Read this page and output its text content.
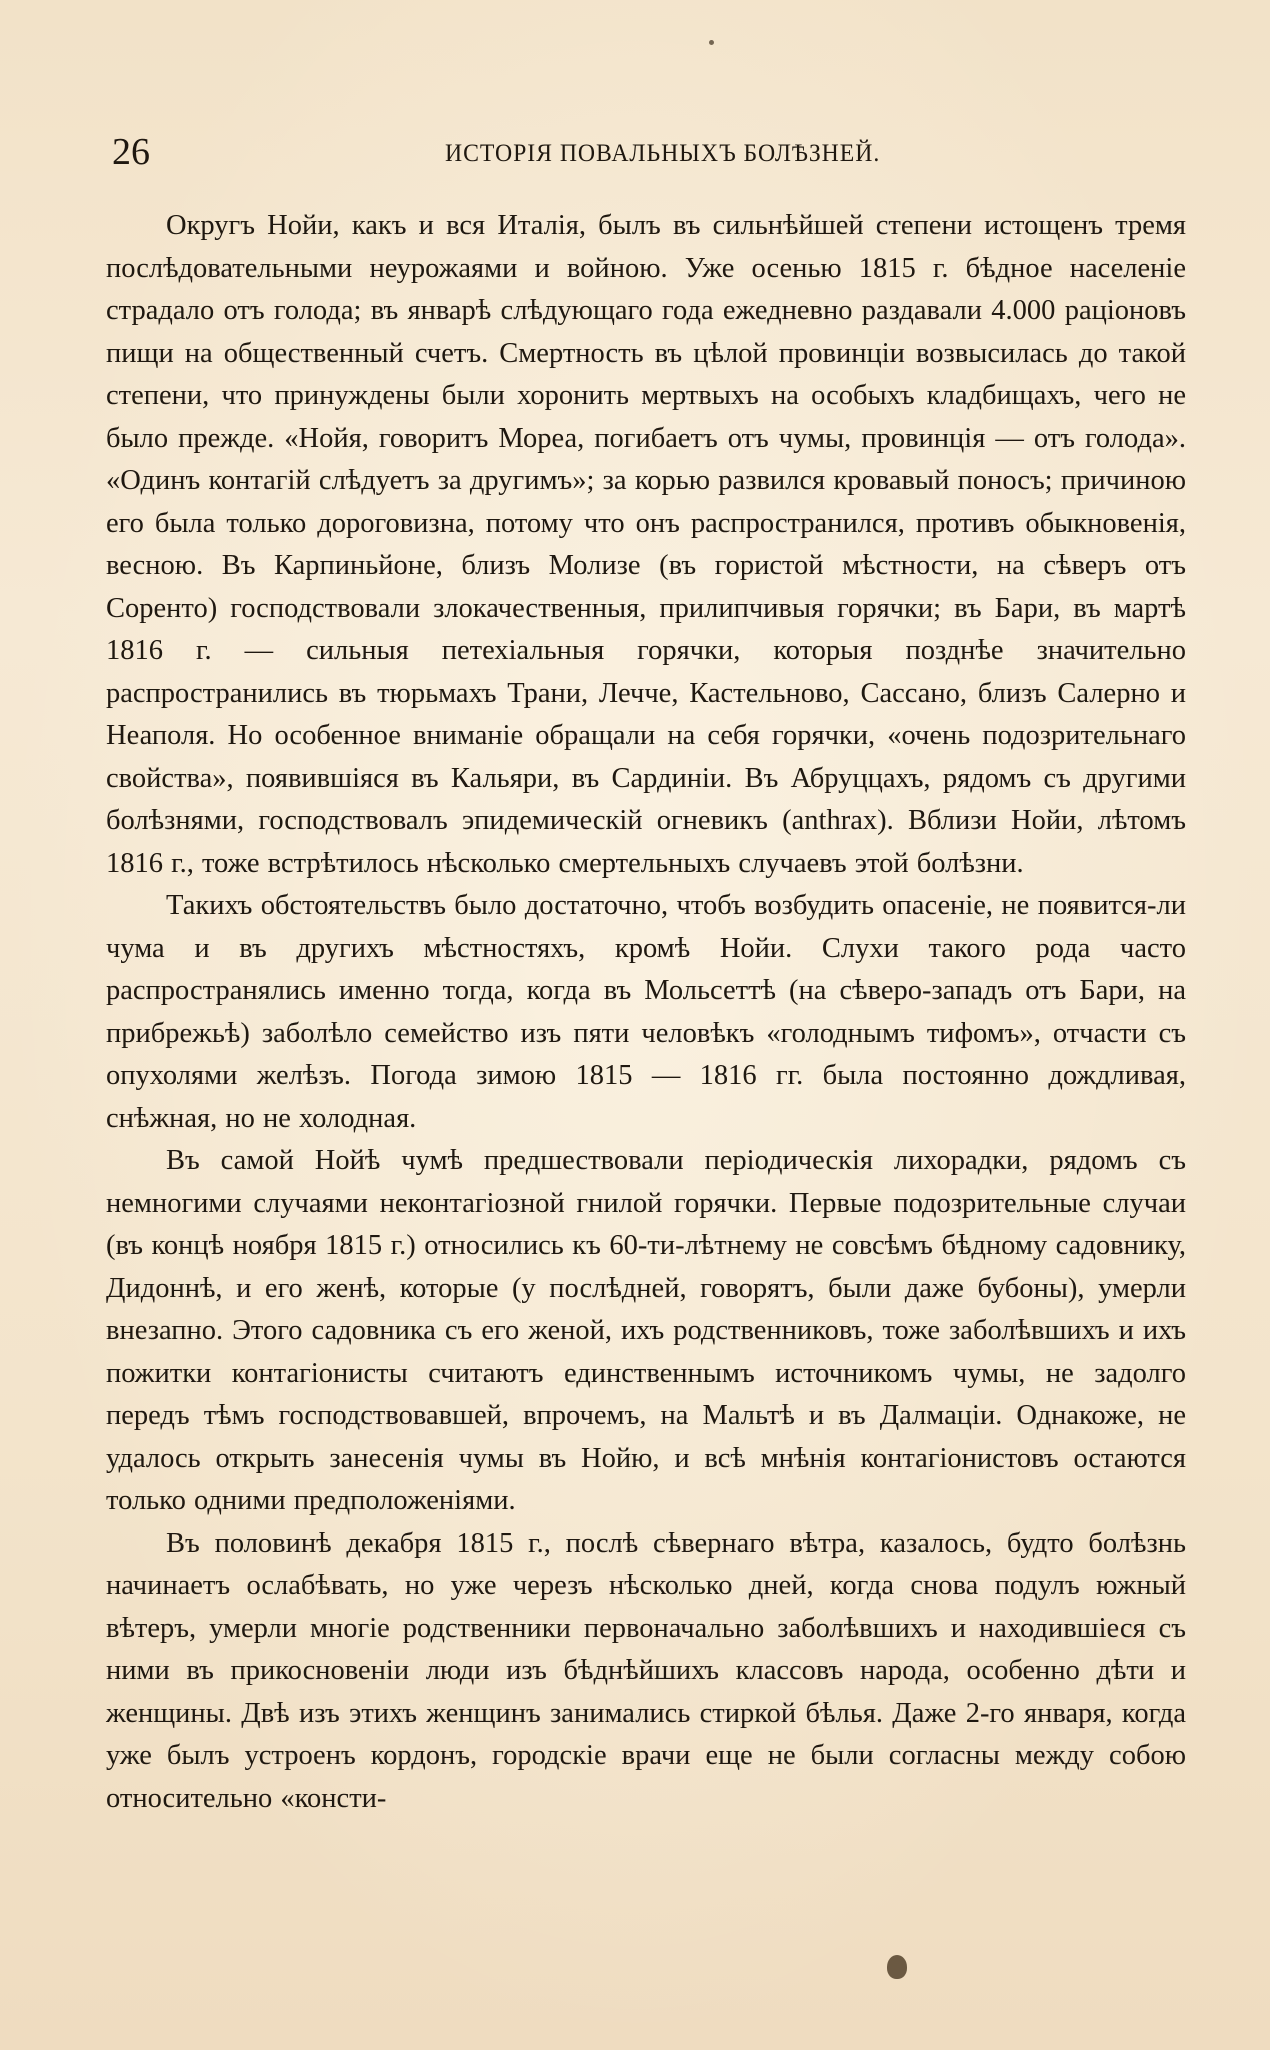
26	ИСТОРІЯ ПОВАЛЬНЫХЪ БОЛѢЗНЕЙ.

Округъ Нойи, какъ и вся Италія, былъ въ сильнѣйшей степени истощенъ тремя послѣдовательными неурожаями и войною. Уже осенью 1815 г. бѣдное населеніе страдало отъ голода; въ январѣ слѣдующаго года ежедневно раздавали 4.000 раціоновъ пищи на общественный счетъ. Смертность въ цѣлой провинціи возвысилась до такой степени, что принуждены были хоронить мертвыхъ на особыхъ кладбищахъ, чего не было прежде. «Нойя, говоритъ Мореа, погибаетъ отъ чумы, провинція — отъ голода». «Одинъ контагій слѣдуетъ за другимъ»; за корью развился кровавый поносъ; причиною его была только дороговизна, потому что онъ распространился, противъ обыкновенія, весною. Въ Карпиньйоне, близъ Молизе (въ гористой мѣстности, на сѣверъ отъ Соренто) господствовали злокачественныя, прилипчивыя горячки; въ Бари, въ мартѣ 1816 г. — сильныя петехіальныя горячки, которыя позднѣе значительно распространились въ тюрьмахъ Трани, Лечче, Кастельново, Сассано, близъ Салерно и Неаполя. Но особенное вниманіе обращали на себя горячки, «очень подозрительнаго свойства», появившіяся въ Кальяри, въ Сардиніи. Въ Абруццахъ, рядомъ съ другими болѣзнями, господствовалъ эпидемическій огневикъ (anthrax). Вблизи Нойи, лѣтомъ 1816 г., тоже встрѣтилось нѣсколько смертельныхъ случаевъ этой болѣзни.

Такихъ обстоятельствъ было достаточно, чтобъ возбудить опасеніе, не появится-ли чума и въ другихъ мѣстностяхъ, кромѣ Нойи. Слухи такого рода часто распространялись именно тогда, когда въ Мольсеттѣ (на сѣверо-западъ отъ Бари, на прибрежьѣ) заболѣло семейство изъ пяти человѣкъ «голоднымъ тифомъ», отчасти съ опухолями желѣзъ. Погода зимою 1815 — 1816 гг. была постоянно дождливая, снѣжная, но не холодная.

Въ самой Нойѣ чумѣ предшествовали періодическія лихорадки, рядомъ съ немногими случаями неконтагіозной гнилой горячки. Первые подозрительные случаи (въ концѣ ноября 1815 г.) относились къ 60-ти-лѣтнему не совсѣмъ бѣдному садовнику, Дидоннѣ, и его женѣ, которые (у послѣдней, говорятъ, были даже бубоны), умерли внезапно. Этого садовника съ его женой, ихъ родственниковъ, тоже заболѣвшихъ и ихъ пожитки контагіонисты считаютъ единственнымъ источникомъ чумы, не задолго передъ тѣмъ господствовавшей, впрочемъ, на Мальтѣ и въ Далмаціи. Однакоже, не удалось открыть занесенія чумы въ Нойю, и всѣ мнѣнія контагіонистовъ остаются только одними предположеніями.

Въ половинѣ декабря 1815 г., послѣ сѣвернаго вѣтра, казалось, будто болѣзнь начинаетъ ослабѣвать, но уже черезъ нѣсколько дней, когда снова подулъ южный вѣтеръ, умерли многіе родственники первоначально заболѣвшихъ и находившіеся съ ними въ прикосновеніи люди изъ бѣднѣйшихъ классовъ народа, особенно дѣти и женщины. Двѣ изъ этихъ женщинъ занимались стиркой бѣлья. Даже 2-го января, когда уже былъ устроенъ кордонъ, городскіе врачи еще не были согласны между собою относительно «консти-
